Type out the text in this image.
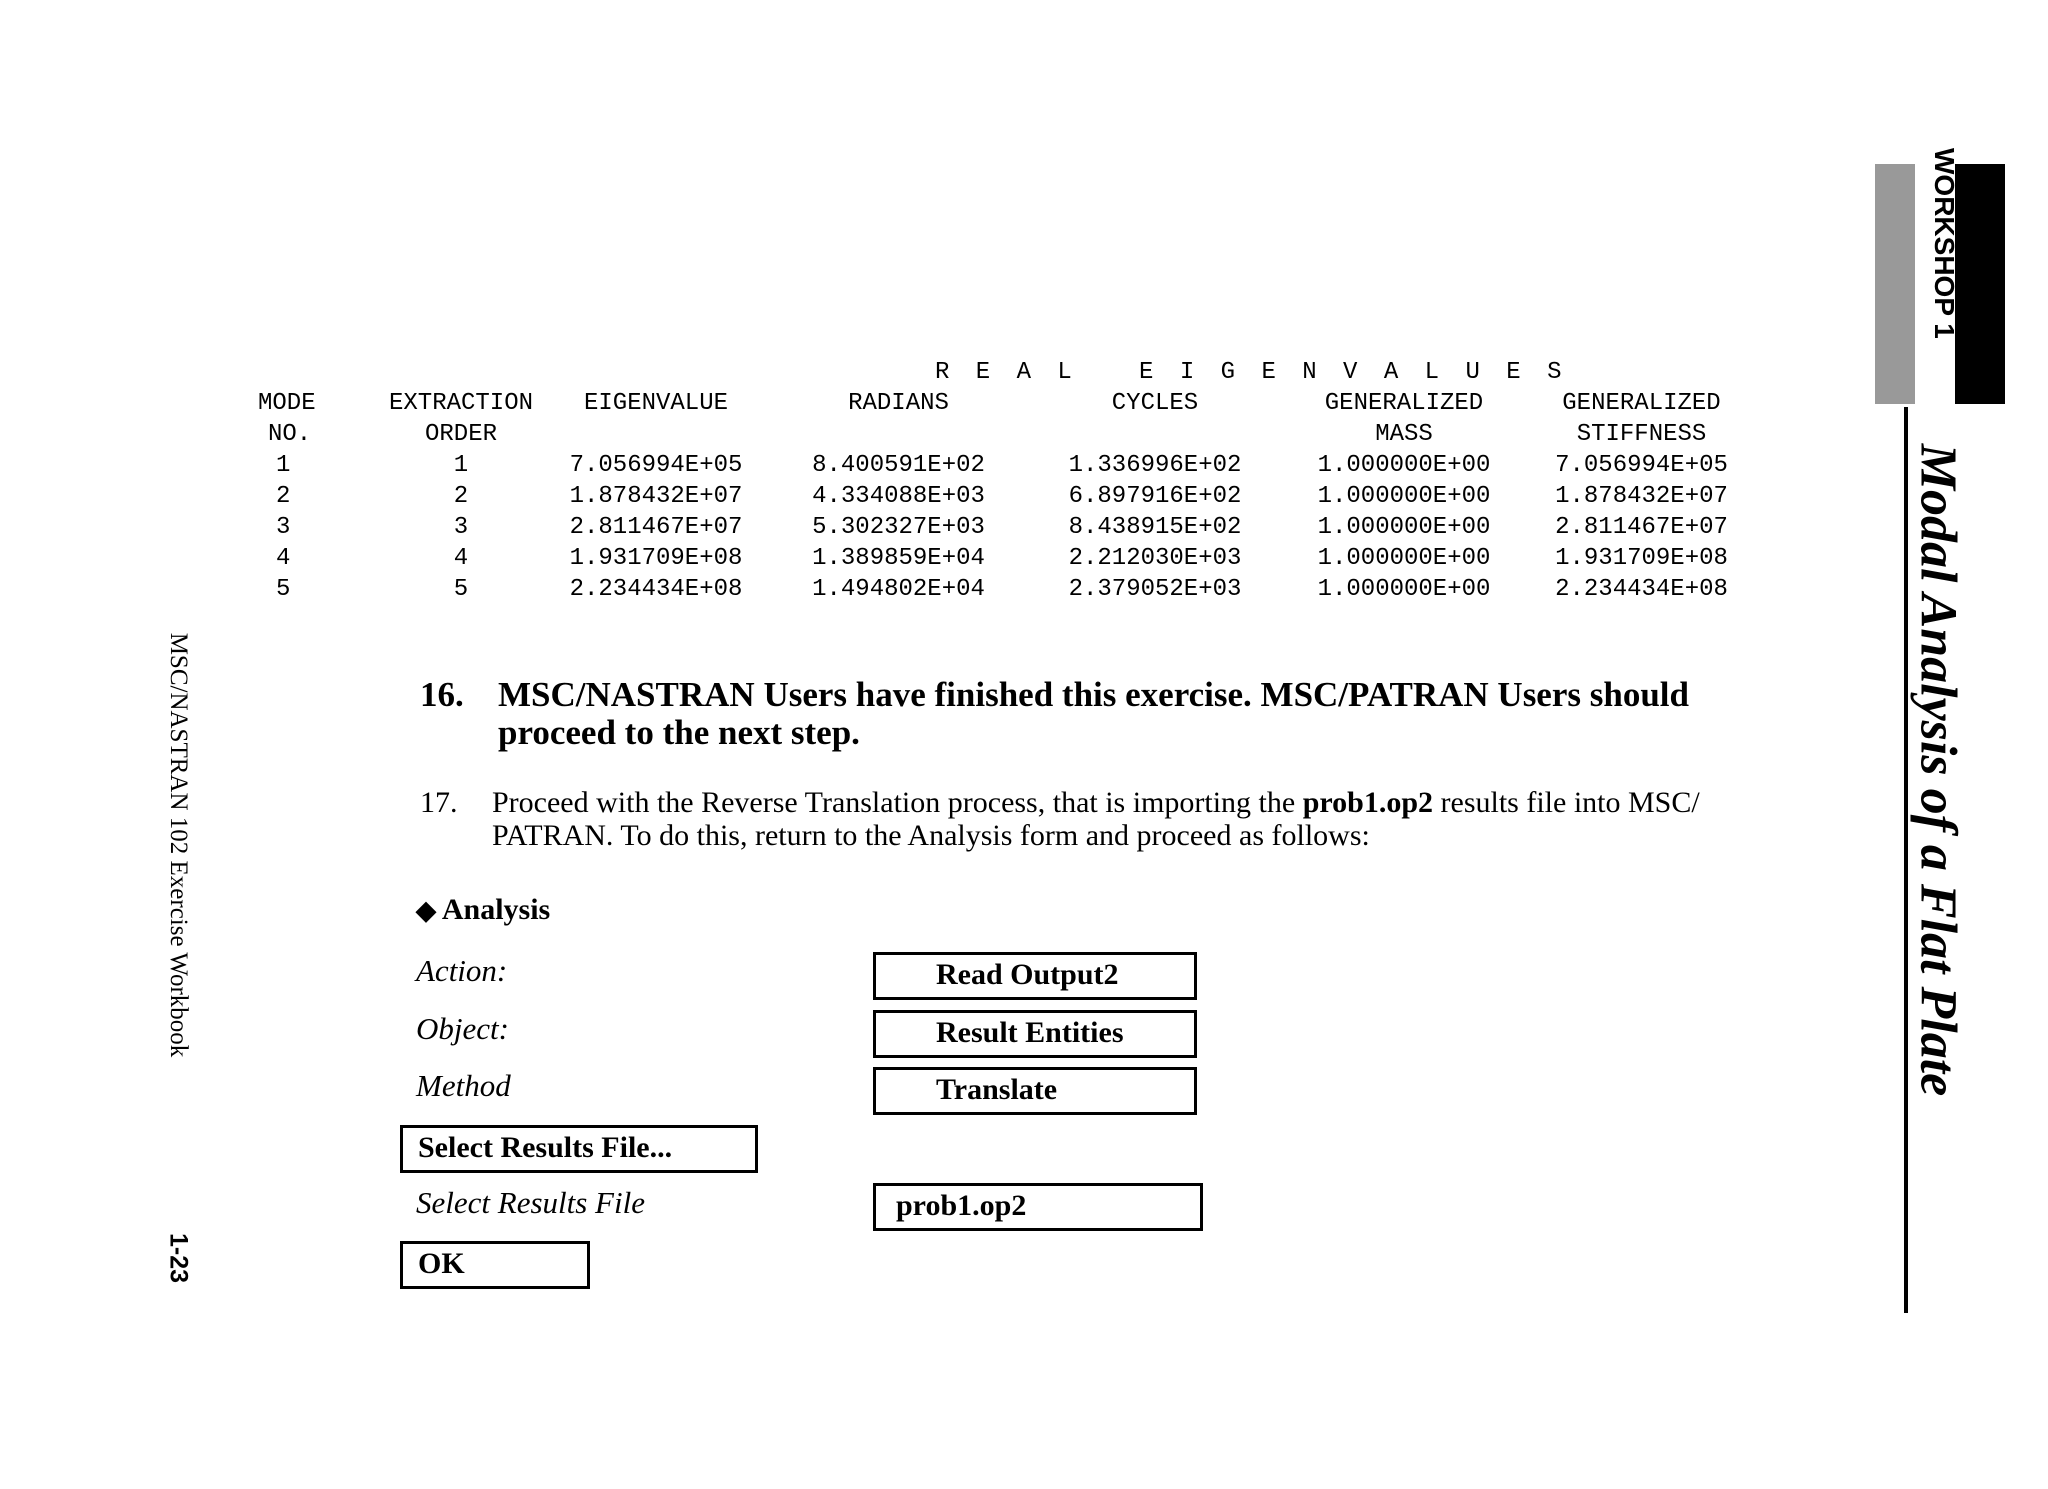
WORKSHOP 1
Modal Analysis of a Flat Plate
MSC/NASTRAN 102 Exercise Workbook
1-23
R E A L   E I G E N V A L U E S
MODE	EXTRACTION	EIGENVALUE	RADIANS	CYCLES	GENERALIZED	GENERALIZED
NO.	ORDER				MASS	STIFFNESS
1	1	7.056994E+05	8.400591E+02	1.336996E+02	1.000000E+00	7.056994E+05
2	2	1.878432E+07	4.334088E+03	6.897916E+02	1.000000E+00	1.878432E+07
3	3	2.811467E+07	5.302327E+03	8.438915E+02	1.000000E+00	2.811467E+07
4	4	1.931709E+08	1.389859E+04	2.212030E+03	1.000000E+00	1.931709E+08
5	5	2.234434E+08	1.494802E+04	2.379052E+03	1.000000E+00	2.234434E+08
16. MSC/NASTRAN Users have finished this exercise. MSC/PATRAN Users should proceed to the next step.
17. Proceed with the Reverse Translation process, that is importing the prob1.op2 results file into MSC/ PATRAN. To do this, return to the Analysis form and proceed as follows:
◆ Analysis
Action:	Read Output2
Object:	Result Entities
Method	Translate
Select Results File...
Select Results File	prob1.op2
OK
